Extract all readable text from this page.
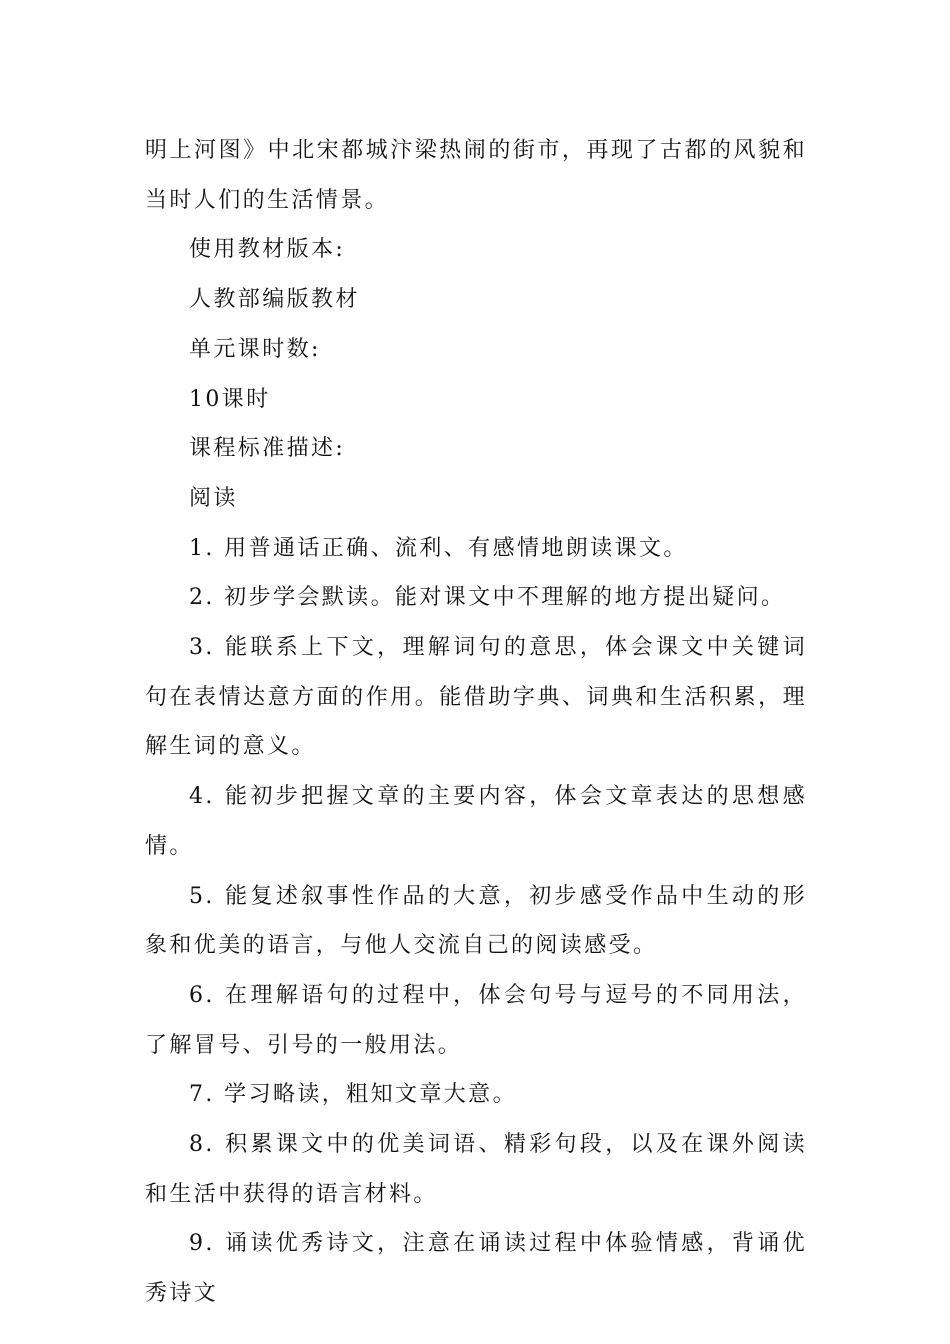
明上河图》中北宋都城汴梁热闹的街市，再现了古都的风貌和当时人们的生活情景。

使用教材版本:

人教部编版教材

单元课时数:

10课时

课程标准描述:

阅读

1. 用普通话正确、流利、有感情地朗读课文。

2. 初步学会默读。能对课文中不理解的地方提出疑问。

3. 能联系上下文，理解词句的意思，体会课文中关键词句在表情达意方面的作用。能借助字典、词典和生活积累，理解生词的意义。

4. 能初步把握文章的主要内容，体会文章表达的思想感情。

5. 能复述叙事性作品的大意，初步感受作品中生动的形象和优美的语言，与他人交流自己的阅读感受。

6. 在理解语句的过程中，体会句号与逗号的不同用法，了解冒号、引号的一般用法。

7. 学习略读，粗知文章大意。

8. 积累课文中的优美词语、精彩句段，以及在课外阅读和生活中获得的语言材料。

9. 诵读优秀诗文，注意在诵读过程中体验情感，背诵优秀诗文
